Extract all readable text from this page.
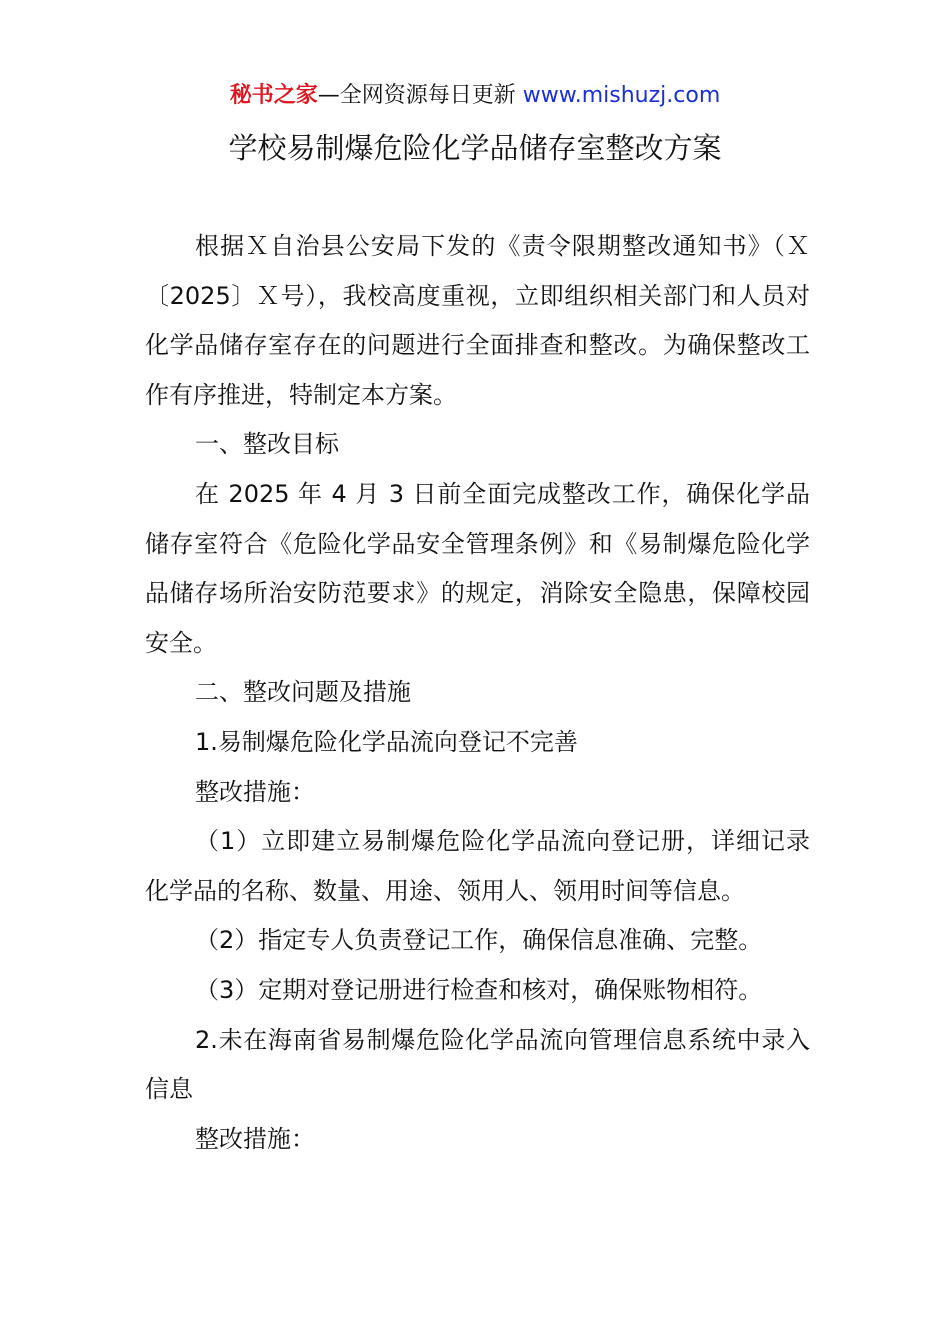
秘书之家—全网资源每日更新 www.mishuzj.com
学校易制爆危险化学品储存室整改方案

根据Ｘ自治县公安局下发的《责令限期整改通知书》（Ｘ〔2025〕Ｘ号），我校高度重视，立即组织相关部门和人员对化学品储存室存在的问题进行全面排查和整改。为确保整改工作有序推进，特制定本方案。

一、整改目标

在 2025 年 4 月 3 日前全面完成整改工作，确保化学品储存室符合《危险化学品安全管理条例》和《易制爆危险化学品储存场所治安防范要求》的规定，消除安全隐患，保障校园安全。

二、整改问题及措施

1.易制爆危险化学品流向登记不完善

整改措施：

（1）立即建立易制爆危险化学品流向登记册，详细记录化学品的名称、数量、用途、领用人、领用时间等信息。

（2）指定专人负责登记工作，确保信息准确、完整。

（3）定期对登记册进行检查和核对，确保账物相符。

2.未在海南省易制爆危险化学品流向管理信息系统中录入信息

整改措施：
